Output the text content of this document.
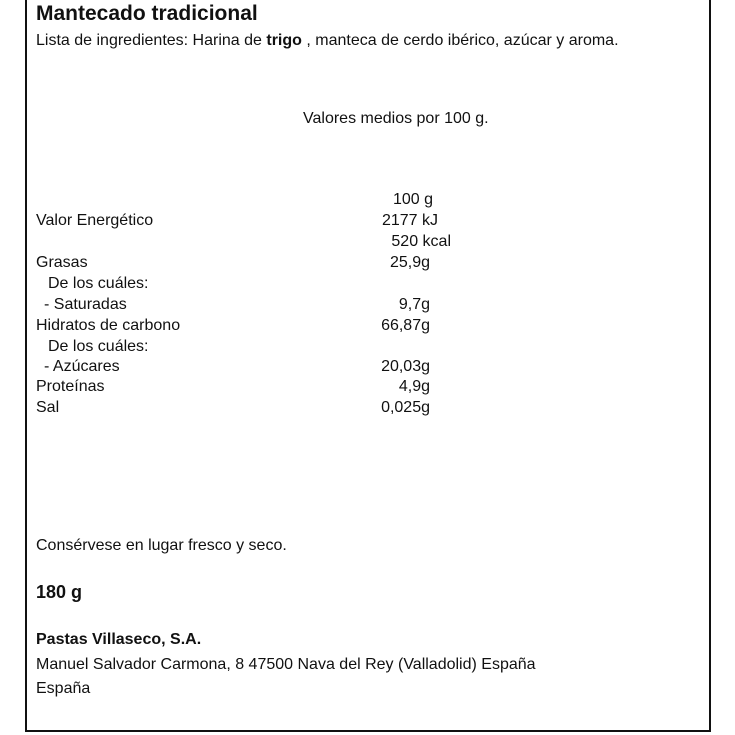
Mantecado tradicional
Lista de ingredientes: Harina de trigo , manteca de cerdo ibérico, azúcar y aroma.
Valores medios por 100 g.
100 g
Valor Energético	2177 kJ
520 kcal
Grasas	25,9g
De los cuáles:
- Saturadas	9,7g
Hidratos de carbono	66,87g
De los cuáles:
- Azúcares	20,03g
Proteínas	4,9g
Sal	0,025g
Consérvese en lugar fresco y seco.
180 g
Pastas Villaseco, S.A.
Manuel Salvador Carmona, 8 47500 Nava del Rey (Valladolid) España
España
